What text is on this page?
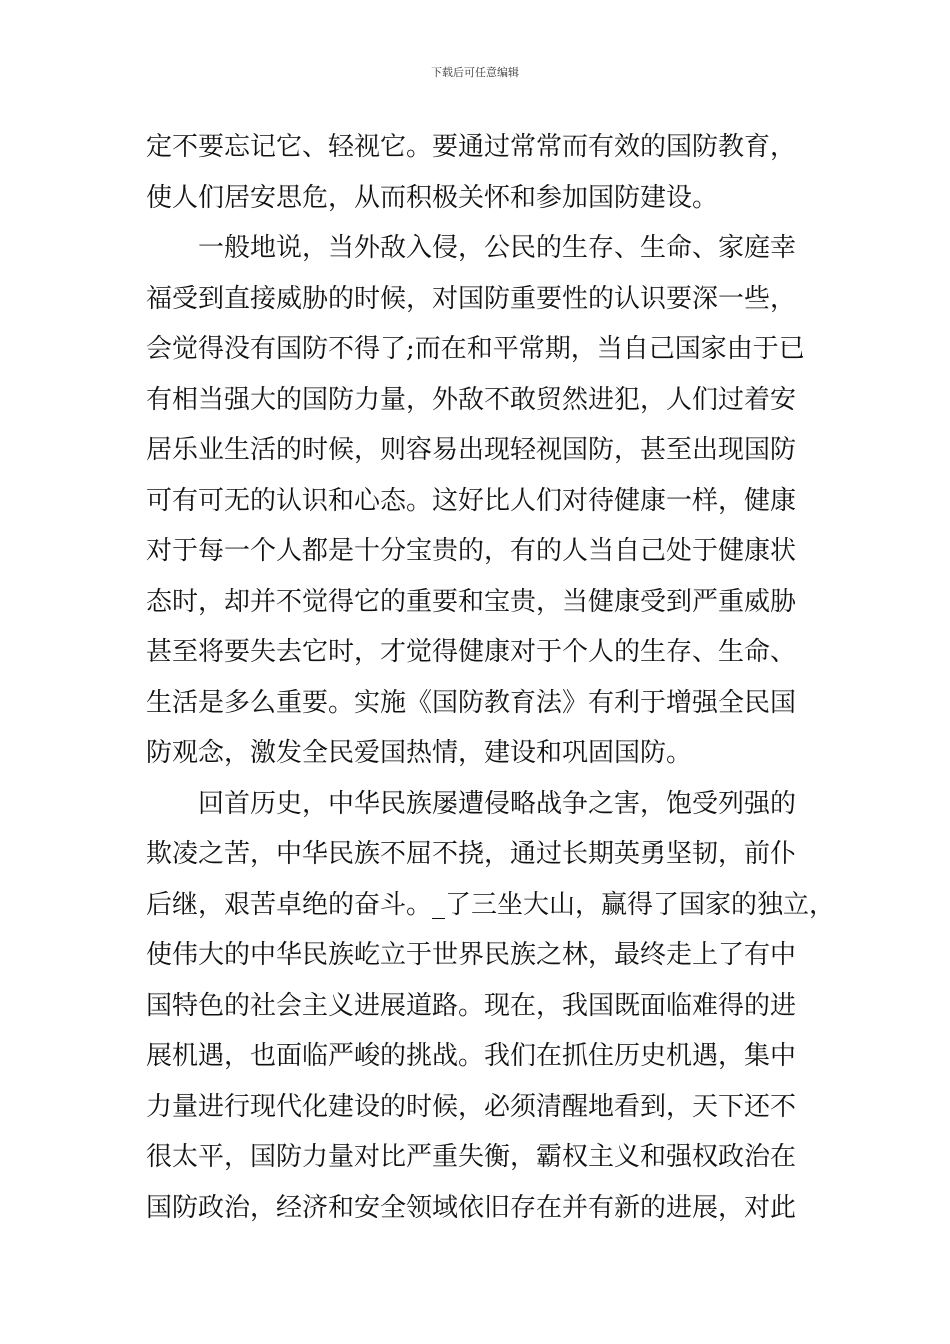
下载后可任意编辑
定不要忘记它、轻视它。要通过常常而有效的国防教育，
使人们居安思危，从而积极关怀和参加国防建设。
一般地说，当外敌入侵，公民的生存、生命、家庭幸
福受到直接威胁的时候，对国防重要性的认识要深一些，
会觉得没有国防不得了;而在和平常期，当自己国家由于已
有相当强大的国防力量，外敌不敢贸然进犯，人们过着安
居乐业生活的时候，则容易出现轻视国防，甚至出现国防
可有可无的认识和心态。这好比人们对待健康一样，健康
对于每一个人都是十分宝贵的，有的人当自己处于健康状
态时，却并不觉得它的重要和宝贵，当健康受到严重威胁
甚至将要失去它时，才觉得健康对于个人的生存、生命、
生活是多么重要。实施《国防教育法》有利于增强全民国
防观念，激发全民爱国热情，建设和巩固国防。
回首历史，中华民族屡遭侵略战争之害，饱受列强的
欺凌之苦，中华民族不屈不挠，通过长期英勇坚韧，前仆
后继，艰苦卓绝的奋斗。_了三坐大山，赢得了国家的独立，
使伟大的中华民族屹立于世界民族之林，最终走上了有中
国特色的社会主义进展道路。现在，我国既面临难得的进
展机遇，也面临严峻的挑战。我们在抓住历史机遇，集中
力量进行现代化建设的时候，必须清醒地看到，天下还不
很太平，国防力量对比严重失衡，霸权主义和强权政治在
国防政治，经济和安全领域依旧存在并有新的进展，对此
